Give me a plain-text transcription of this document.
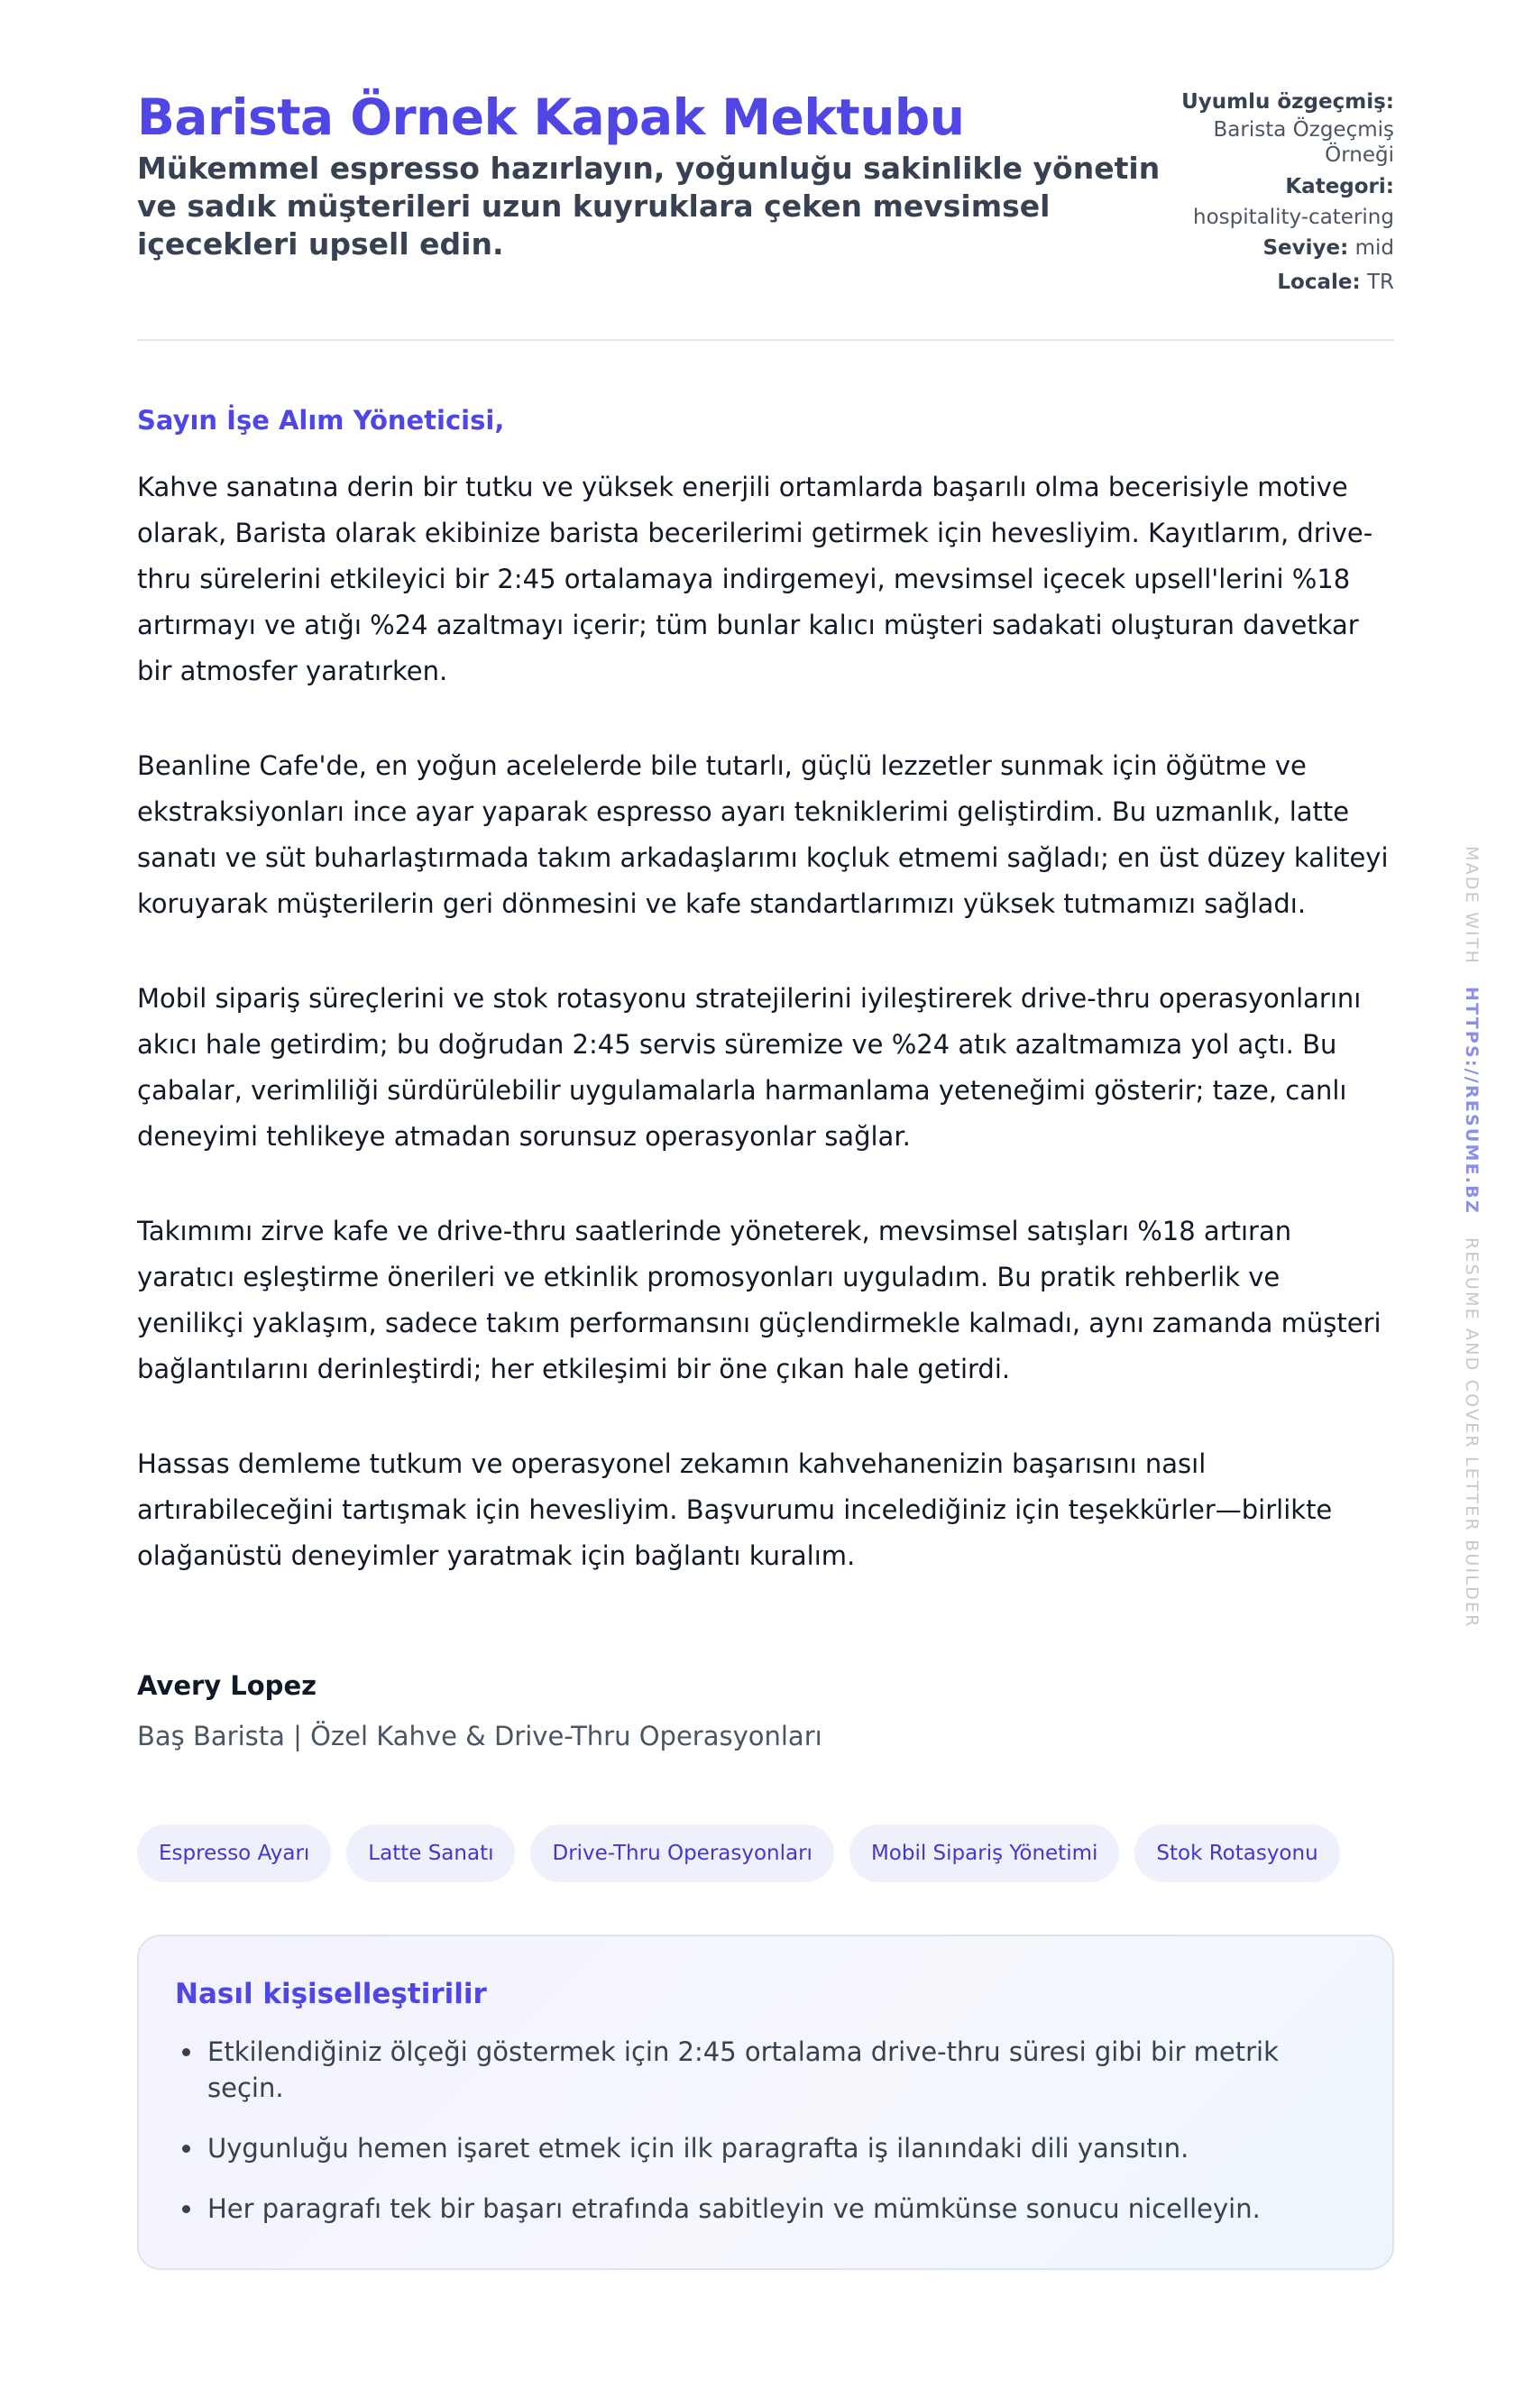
Barista Örnek Kapak Mektubu
Mükemmel espresso hazırlayın, yoğunluğu sakinlikle yönetin ve sadık müşterileri uzun kuyruklara çeken mevsimsel içecekleri upsell edin.
Uyumlu özgeçmiş:
Barista Özgeçmiş Örneği
Kategori:
hospitality-catering
Seviye: mid
Locale: TR
Sayın İşe Alım Yöneticisi,

Kahve sanatına derin bir tutku ve yüksek enerjili ortamlarda başarılı olma becerisiyle motive olarak, Barista olarak ekibinize barista becerilerimi getirmek için hevesliyim. Kayıtlarım, drive-thru sürelerini etkileyici bir 2:45 ortalamaya indirgemeyi, mevsimsel içecek upsell'lerini %18 artırmayı ve atığı %24 azaltmayı içerir; tüm bunlar kalıcı müşteri sadakati oluşturan davetkar bir atmosfer yaratırken.

Beanline Cafe'de, en yoğun acelelerde bile tutarlı, güçlü lezzetler sunmak için öğütme ve ekstraksiyonları ince ayar yaparak espresso ayarı tekniklerimi geliştirdim. Bu uzmanlık, latte sanatı ve süt buharlaştırmada takım arkadaşlarımı koçluk etmemi sağladı; en üst düzey kaliteyi koruyarak müşterilerin geri dönmesini ve kafe standartlarımızı yüksek tutmamızı sağladı.

Mobil sipariş süreçlerini ve stok rotasyonu stratejilerini iyileştirerek drive-thru operasyonlarını akıcı hale getirdim; bu doğrudan 2:45 servis süremize ve %24 atık azaltmamıza yol açtı. Bu çabalar, verimliliği sürdürülebilir uygulamalarla harmanlama yeteneğimi gösterir; taze, canlı deneyimi tehlikeye atmadan sorunsuz operasyonlar sağlar.

Takımımı zirve kafe ve drive-thru saatlerinde yöneterek, mevsimsel satışları %18 artıran yaratıcı eşleştirme önerileri ve etkinlik promosyonları uyguladım. Bu pratik rehberlik ve yenilikçi yaklaşım, sadece takım performansını güçlendirmekle kalmadı, aynı zamanda müşteri bağlantılarını derinleştirdi; her etkileşimi bir öne çıkan hale getirdi.

Hassas demleme tutkum ve operasyonel zekamın kahvehanenizin başarısını nasıl artırabileceğini tartışmak için hevesliyim. Başvurumu incelediğiniz için teşekkürler—birlikte olağanüstü deneyimler yaratmak için bağlantı kuralım.

Avery Lopez
Baş Barista | Özel Kahve & Drive-Thru Operasyonları
Espresso Ayarı	Latte Sanatı	Drive-Thru Operasyonları	Mobil Sipariş Yönetimi	Stok Rotasyonu
Nasıl kişiselleştirilir
Etkilendiğiniz ölçeği göstermek için 2:45 ortalama drive-thru süresi gibi bir metrik seçin.
Uygunluğu hemen işaret etmek için ilk paragrafta iş ilanındaki dili yansıtın.
Her paragrafı tek bir başarı etrafında sabitleyin ve mümkünse sonucu nicelleyin.
MADE WITH HTTPS://RESUME.BZ RESUME AND COVER LETTER BUILDER
